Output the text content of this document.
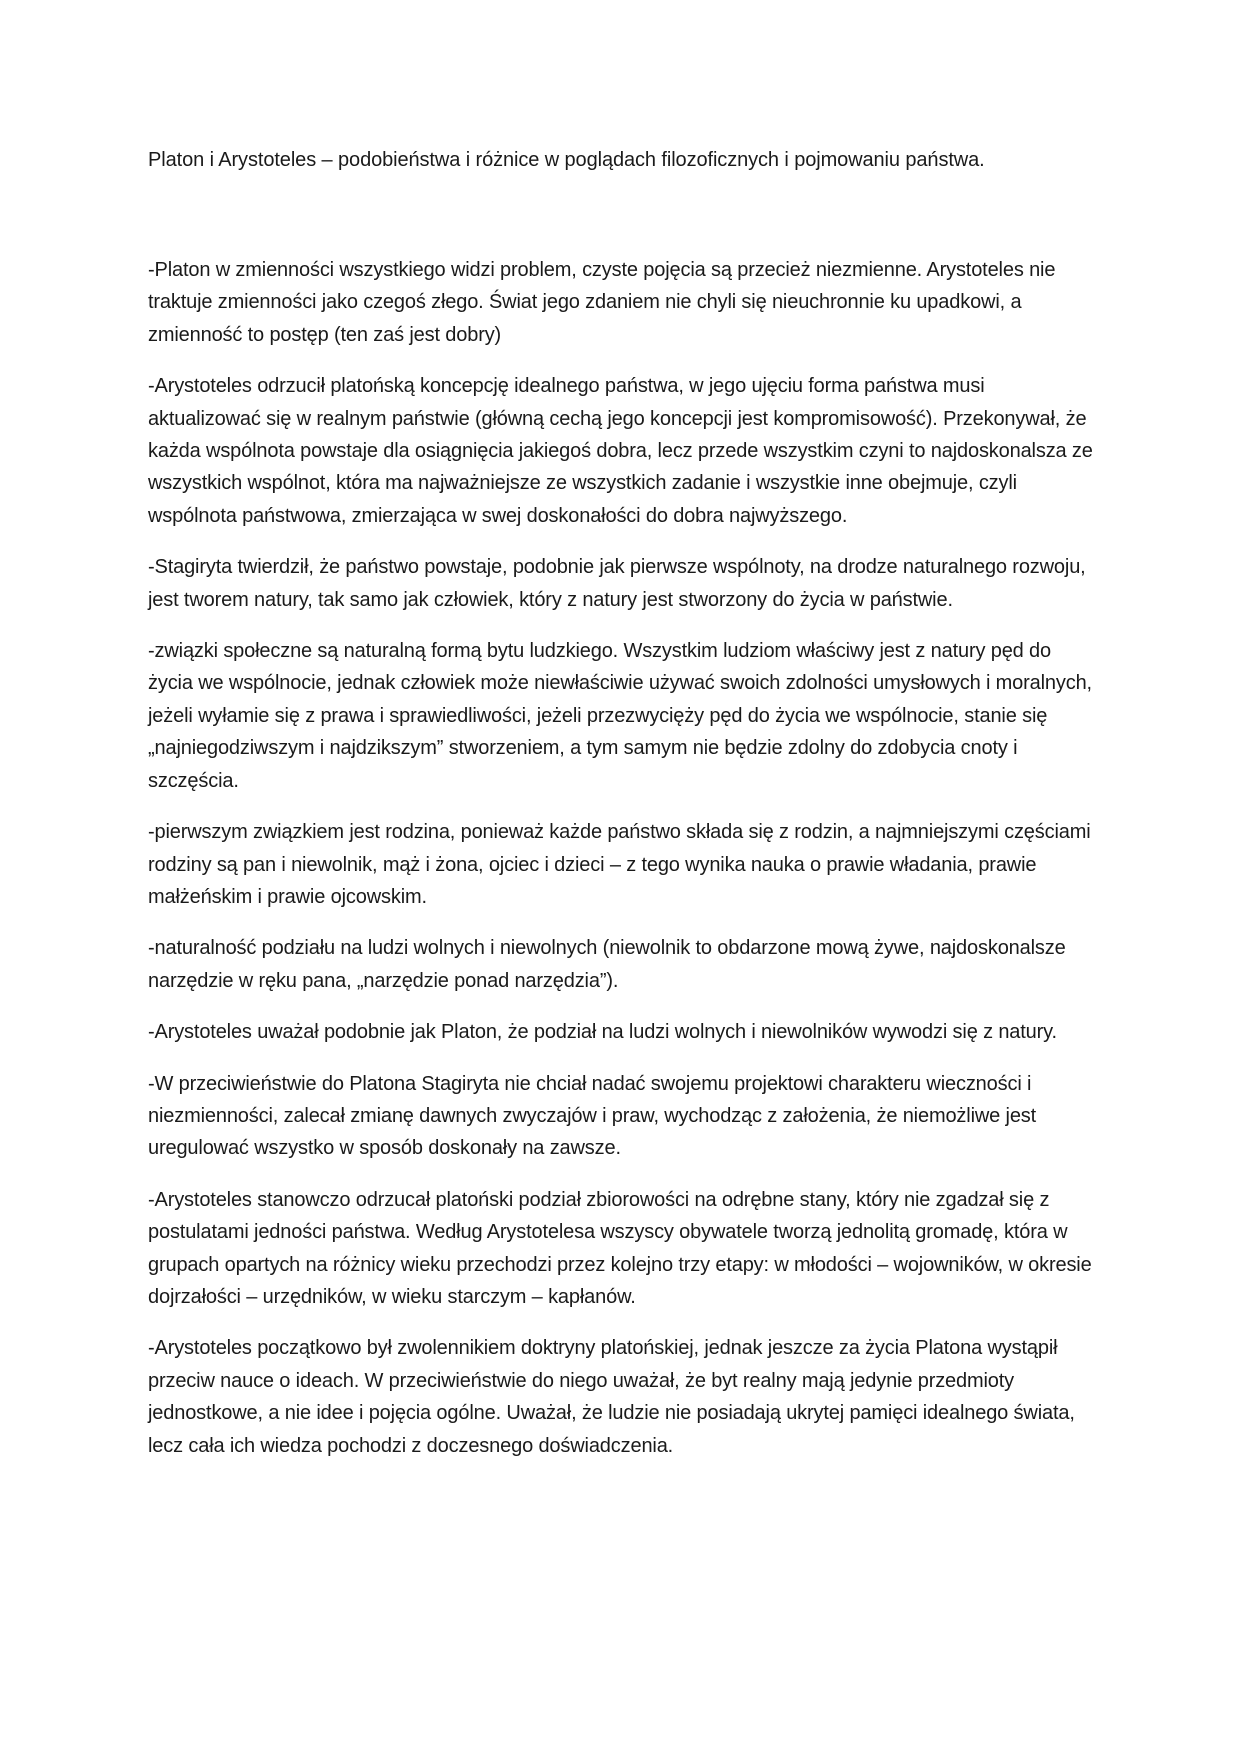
Platon i Arystoteles – podobieństwa i różnice w poglądach filozoficznych i pojmowaniu państwa.

-Platon w zmienności wszystkiego widzi problem, czyste pojęcia są przecież niezmienne. Arystoteles nie traktuje zmienności jako czegoś złego. Świat jego zdaniem nie chyli się nieuchronnie ku upadkowi, a zmienność to postęp (ten zaś jest dobry)

-Arystoteles odrzucił platońską koncepcję idealnego państwa, w jego ujęciu forma państwa musi aktualizować się w realnym państwie (główną cechą jego koncepcji jest kompromisowość). Przekonywał, że każda wspólnota powstaje dla osiągnięcia jakiegoś dobra, lecz przede wszystkim czyni to najdoskonalsza ze wszystkich wspólnot, która ma najważniejsze ze wszystkich zadanie i wszystkie inne obejmuje, czyli wspólnota państwowa, zmierzająca w swej doskonałości do dobra najwyższego.

-Stagiryta twierdził, że państwo powstaje, podobnie jak pierwsze wspólnoty, na drodze naturalnego rozwoju, jest tworem natury, tak samo jak człowiek, który z natury jest stworzony do życia w państwie.

-związki społeczne są naturalną formą bytu ludzkiego. Wszystkim ludziom właściwy jest z natury pęd do życia we wspólnocie, jednak człowiek może niewłaściwie używać swoich zdolności umysłowych i moralnych, jeżeli wyłamie się z prawa i sprawiedliwości, jeżeli przezwycięży pęd do życia we wspólnocie, stanie się „najniegodziwszym i najdzikszym” stworzeniem, a tym samym nie będzie zdolny do zdobycia cnoty i szczęścia.

-pierwszym związkiem jest rodzina, ponieważ każde państwo składa się z rodzin, a najmniejszymi częściami rodziny są pan i niewolnik, mąż i żona, ojciec i dzieci – z tego wynika nauka o prawie władania, prawie małżeńskim i prawie ojcowskim.

-naturalność podziału na ludzi wolnych i niewolnych (niewolnik to obdarzone mową żywe, najdoskonalsze narzędzie w ręku pana, „narzędzie ponad narzędzia”).

-Arystoteles uważał podobnie jak Platon, że podział na ludzi wolnych i niewolników wywodzi się z natury.

-W przeciwieństwie do Platona Stagiryta nie chciał nadać swojemu projektowi charakteru wieczności i niezmienności, zalecał zmianę dawnych zwyczajów i praw, wychodząc z założenia, że niemożliwe jest uregulować wszystko w sposób doskonały na zawsze.

-Arystoteles stanowczo odrzucał platoński podział zbiorowości na odrębne stany, który nie zgadzał się z postulatami jedności państwa. Według Arystotelesa wszyscy obywatele tworzą jednolitą gromadę, która w grupach opartych na różnicy wieku przechodzi przez kolejno trzy etapy: w młodości – wojowników, w okresie dojrzałości – urzędników, w wieku starczym – kapłanów.

-Arystoteles początkowo był zwolennikiem doktryny platońskiej, jednak jeszcze za życia Platona wystąpił przeciw nauce o ideach. W przeciwieństwie do niego uważał, że byt realny mają jedynie przedmioty jednostkowe, a nie idee i pojęcia ogólne. Uważał, że ludzie nie posiadają ukrytej pamięci idealnego świata, lecz cała ich wiedza pochodzi z doczesnego doświadczenia.
